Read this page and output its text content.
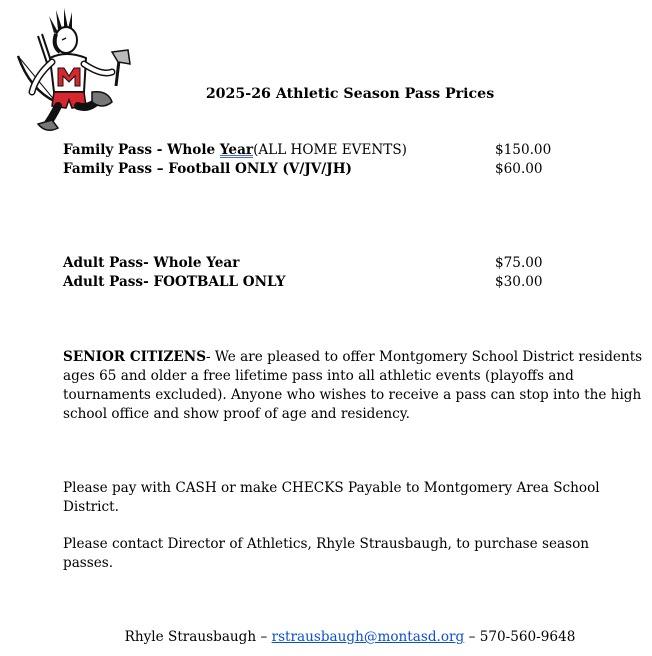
2025-26 Athletic Season Pass Prices
Family Pass - Whole Year(ALL HOME EVENTS)	$150.00
Family Pass – Football ONLY (V/JV/JH)	$60.00
Adult Pass- Whole Year	$75.00
Adult Pass- FOOTBALL ONLY	$30.00
SENIOR CITIZENS- We are pleased to offer Montgomery School District residents ages 65 and older a free lifetime pass into all athletic events (playoffs and tournaments excluded). Anyone who wishes to receive a pass can stop into the high school office and show proof of age and residency.
Please pay with CASH or make CHECKS Payable to Montgomery Area School District.
Please contact Director of Athletics, Rhyle Strausbaugh, to purchase season passes.
Rhyle Strausbaugh – rstrausbaugh@montasd.org – 570-560-9648
